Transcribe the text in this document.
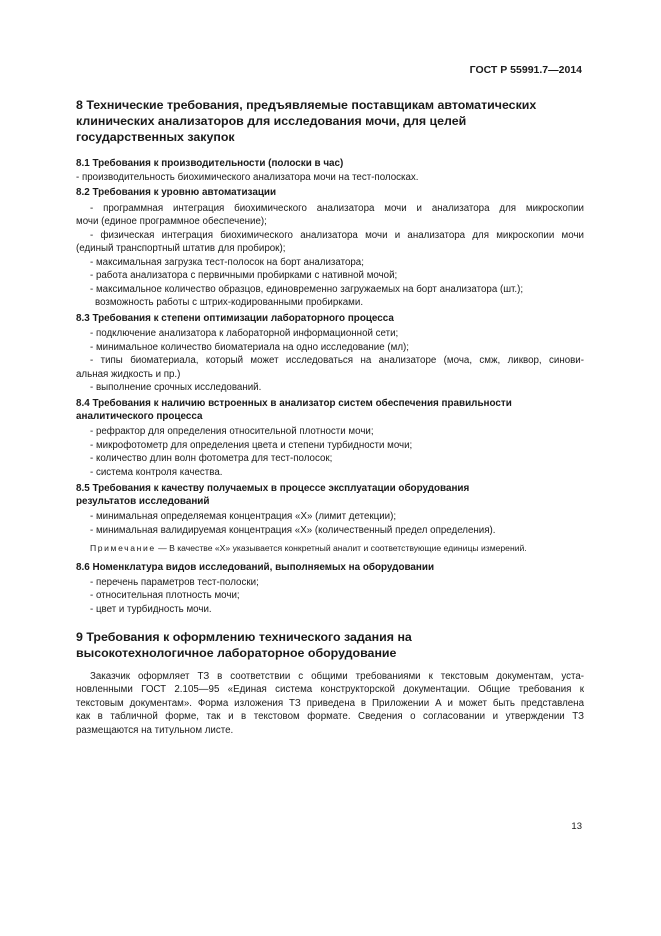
ГОСТ Р 55991.7—2014
8 Технические требования, предъявляемые поставщикам автоматических
клинических анализаторов для исследования мочи, для целей
государственных закупок
8.1 Требования к производительности (полоски в час)
- производительность биохимического анализатора мочи на тест-полосках.
8.2 Требования к уровню автоматизации
- программная интеграция биохимического анализатора мочи и анализатора для микроскопии
мочи (единое программное обеспечение);
- физическая интеграция биохимического анализатора мочи и анализатора для микроскопии мочи
(единый транспортный штатив для пробирок);
- максимальная загрузка тест-полосок на борт анализатора;
- работа анализатора с первичными пробирками с нативной мочой;
- максимальное количество образцов, единовременно загружаемых на борт анализатора (шт.);
возможность работы с штрих-кодированными пробирками.
8.3 Требования к степени оптимизации лабораторного процесса
- подключение анализатора к лабораторной информационной сети;
- минимальное количество биоматериала на одно исследование (мл);
- типы биоматериала, который может исследоваться на анализаторе (моча, смж, ликвор, синови-
альная жидкость и пр.)
- выполнение срочных исследований.
8.4 Требования к наличию встроенных в анализатор систем обеспечения правильности
аналитического процесса
- рефрактор для определения относительной плотности мочи;
- микрофотометр для определения цвета и степени турбидности мочи;
- количество длин волн фотометра для тест-полосок;
- система контроля качества.
8.5 Требования к качеству получаемых в процессе эксплуатации оборудования
результатов исследований
- минимальная определяемая концентрация «Х» (лимит детекции);
- минимальная валидируемая концентрация «Х» (количественный предел определения).
Примечание — В качестве «Х» указывается конкретный аналит и соответствующие единицы измерений.
8.6 Номенклатура видов исследований, выполняемых на оборудовании
- перечень параметров тест-полоски;
- относительная плотность мочи;
- цвет и турбидность мочи.
9 Требования к оформлению технического задания на
высокотехнологичное лабораторное оборудование
Заказчик оформляет ТЗ в соответствии с общими требованиями к текстовым документам, уста-
новленными ГОСТ 2.105—95 «Единая система конструкторской документации. Общие требования к
текстовым документам». Форма изложения ТЗ приведена в Приложении А и может быть представлена
как в табличной форме, так и в текстовом формате. Сведения о согласовании и утверждении ТЗ
размещаются на титульном листе.
13
